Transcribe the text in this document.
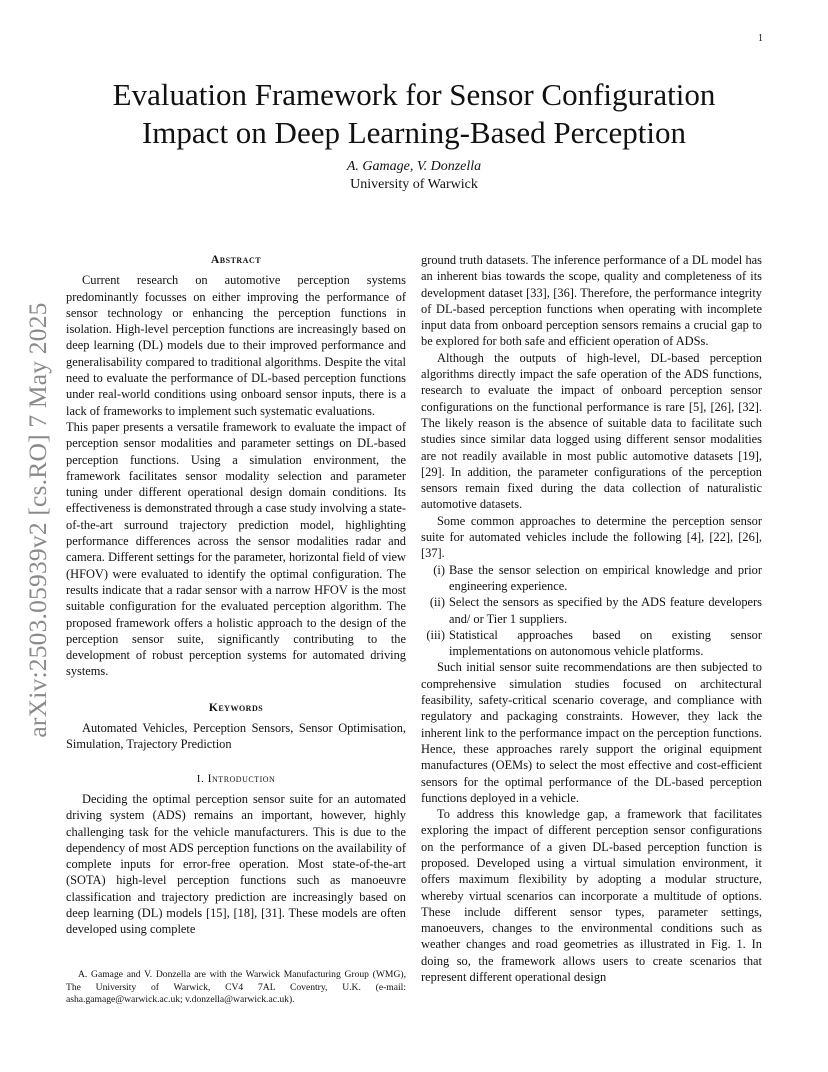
1
arXiv:2503.05939v2 [cs.RO] 7 May 2025
Evaluation Framework for Sensor Configuration
Impact on Deep Learning-Based Perception
A. Gamage, V. Donzella
University of Warwick
Abstract

Current research on automotive perception systems predominantly focusses on either improving the performance of sensor technology or enhancing the perception functions in isolation. High-level perception functions are increasingly based on deep learning (DL) models due to their improved performance and generalisability compared to traditional algorithms. Despite the vital need to evaluate the performance of DL-based perception functions under real-world conditions using onboard sensor inputs, there is a lack of frameworks to implement such systematic evaluations.

This paper presents a versatile framework to evaluate the impact of perception sensor modalities and parameter settings on DL-based perception functions. Using a simulation environment, the framework facilitates sensor modality selection and parameter tuning under different operational design domain conditions. Its effectiveness is demonstrated through a case study involving a state-of-the-art surround trajectory prediction model, highlighting performance differences across the sensor modalities radar and camera. Different settings for the parameter, horizontal field of view (HFOV) were evaluated to identify the optimal configuration. The results indicate that a radar sensor with a narrow HFOV is the most suitable configuration for the evaluated perception algorithm. The proposed framework offers a holistic approach to the design of the perception sensor suite, significantly contributing to the development of robust perception systems for automated driving systems.

Keywords

Automated Vehicles, Perception Sensors, Sensor Optimisation, Simulation, Trajectory Prediction

I. Introduction

Deciding the optimal perception sensor suite for an automated driving system (ADS) remains an important, however, highly challenging task for the vehicle manufacturers. This is due to the dependency of most ADS perception functions on the availability of complete inputs for error-free operation. Most state-of-the-art (SOTA) high-level perception functions such as manoeuvre classification and trajectory prediction are increasingly based on deep learning (DL) models [15], [18], [31]. These models are often developed using complete

ground truth datasets. The inference performance of a DL model has an inherent bias towards the scope, quality and completeness of its development dataset [33], [36]. Therefore, the performance integrity of DL-based perception functions when operating with incomplete input data from onboard perception sensors remains a crucial gap to be explored for both safe and efficient operation of ADSs.

Although the outputs of high-level, DL-based perception algorithms directly impact the safe operation of the ADS functions, research to evaluate the impact of onboard perception sensor configurations on the functional performance is rare [5], [26], [32]. The likely reason is the absence of suitable data to facilitate such studies since similar data logged using different sensor modalities are not readily available in most public automotive datasets [19], [29]. In addition, the parameter configurations of the perception sensors remain fixed during the data collection of naturalistic automotive datasets.

Some common approaches to determine the perception sensor suite for automated vehicles include the following [4], [22], [26], [37].

(i) Base the sensor selection on empirical knowledge and prior engineering experience.
(ii) Select the sensors as specified by the ADS feature developers and/ or Tier 1 suppliers.
(iii) Statistical approaches based on existing sensor implementations on autonomous vehicle platforms.

Such initial sensor suite recommendations are then subjected to comprehensive simulation studies focused on architectural feasibility, safety-critical scenario coverage, and compliance with regulatory and packaging constraints. However, they lack the inherent link to the performance impact on the perception functions. Hence, these approaches rarely support the original equipment manufactures (OEMs) to select the most effective and cost-efficient sensors for the optimal performance of the DL-based perception functions deployed in a vehicle.

To address this knowledge gap, a framework that facilitates exploring the impact of different perception sensor configurations on the performance of a given DL-based perception function is proposed. Developed using a virtual simulation environment, it offers maximum flexibility by adopting a modular structure, whereby virtual scenarios can incorporate a multitude of options. These include different sensor types, parameter settings, manoeuvers, changes to the environmental conditions such as weather changes and road geometries as illustrated in Fig. 1. In doing so, the framework allows users to create scenarios that represent different operational design

A. Gamage and V. Donzella are with the Warwick Manufacturing Group (WMG), The University of Warwick, CV4 7AL Coventry, U.K. (e-mail: asha.gamage@warwick.ac.uk; v.donzella@warwick.ac.uk).
